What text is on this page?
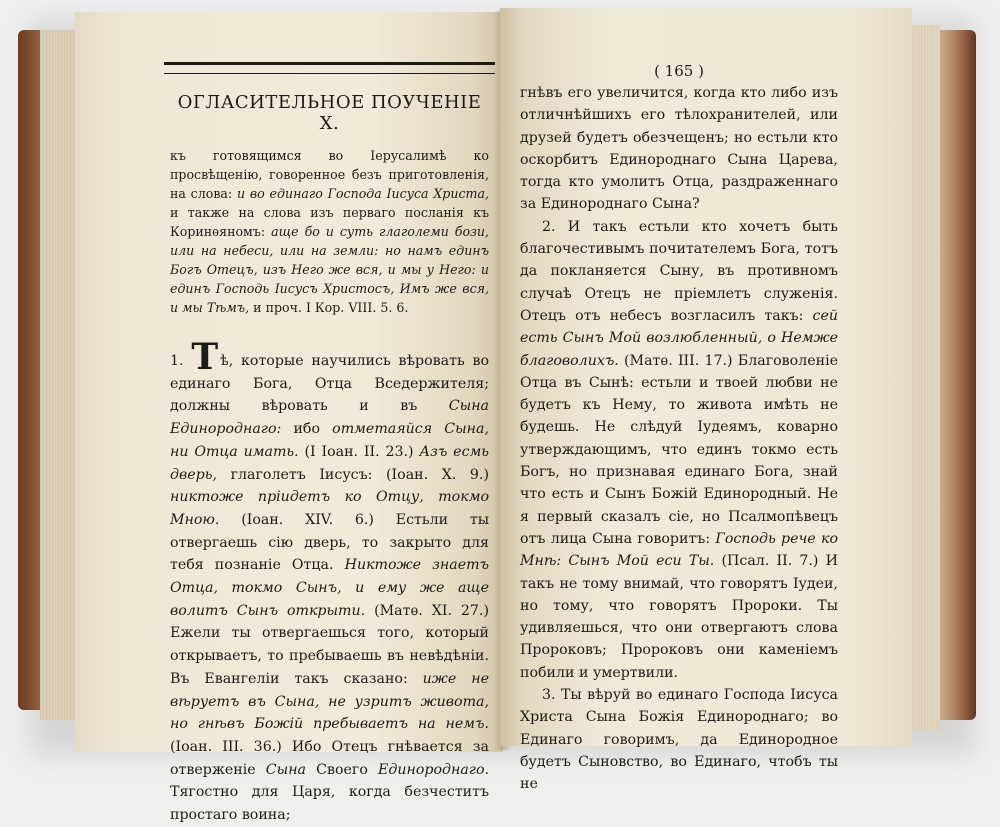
ОГЛАСИТЕЛЬНОЕ ПОУЧЕНІЕ X.

къ готовящимся во Іерусалимѣ ко просвѣщенію, говоренное безъ приготовленія, на слова: и во единаго Господа Іисуса Христа, и также на слова изъ перваго посланія къ Коринѳяномъ: аще бо и суть глаголеми бози, или на небеси, или на земли: но намъ единъ Богъ Отецъ, изъ Него же вся, и мы у Него: и единъ Господь Іисусъ Христосъ, Имъ же вся, и мы Тѣмъ, и проч. І Кор. VIII. 5. 6.

1. Т ѣ, которые научились вѣровать во единаго Бога, Отца Вседержителя; должны вѣровать и въ Сына Единороднаго: ибо отметаяйся Сына, ни Отца имать. (I Іоан. II. 23.) Азъ есмь дверь, глаголетъ Іисусъ: (Іоан. X. 9.) никтоже пріидетъ ко Отцу, токмо Мною. (Іоан. XIV. 6.) Естьли ты отвергаешь сію дверь, то закрыто для тебя познаніе Отца. Никтоже знаетъ Отца, токмо Сынъ, и ему же аще волитъ Сынъ открыти. (Матѳ. XI. 27.) Ежели ты отвергаешься того, который открываетъ, то пребываешь въ невѣдѣніи. Въ Евангеліи такъ сказано: иже не вѣруетъ въ Сына, не узритъ живота, но гнѣвъ Божій пребываетъ на немъ. (Іоан. III. 36.) Ибо Отецъ гнѣвается за отверженіе Сына Своего Единороднаго. Тягостно для Царя, когда безчеститъ простаго воина;

( 165 )

гнѣвъ его увеличится, когда кто либо изъ отличнѣйшихъ его тѣлохранителей, или друзей будетъ обезчещенъ; но естьли кто оскорбитъ Единороднаго Сына Царева, тогда кто умолитъ Отца, раздраженнаго за Единороднаго Сына?

2. И такъ естьли кто хочетъ быть благочестивымъ почитателемъ Бога, тотъ да покланяется Сыну, въ противномъ случаѣ Отецъ не пріемлетъ служенія. Отецъ отъ небесъ возгласилъ такъ: сей есть Сынъ Мой возлюбленный, о Немже благоволихъ. (Матѳ. III. 17.) Благоволеніе Отца въ Сынѣ: естьли и твоей любви не будетъ къ Нему, то живота имѣть не будешь. Не слѣдуй Іудеямъ, коварно утверждающимъ, что единъ токмо есть Богъ, но признавая единаго Бога, знай что есть и Сынъ Божій Единородный. Не я первый сказалъ сіе, но Псалмопѣвецъ отъ лица Сына говоритъ: Господь рече ко Мнѣ: Сынъ Мой еси Ты. (Псал. II. 7.) И такъ не тому внимай, что говорятъ Іудеи, но тому, что говорятъ Пророки. Ты удивляешься, что они отвергаютъ слова Пророковъ; Пророковъ они каменіемъ побили и умертвили.

3. Ты вѣруй во единаго Господа Іисуса Христа Сына Божія Единороднаго; во Единаго говоримъ, да Единородное будетъ Сыновство, во Единаго, чтобъ ты не
